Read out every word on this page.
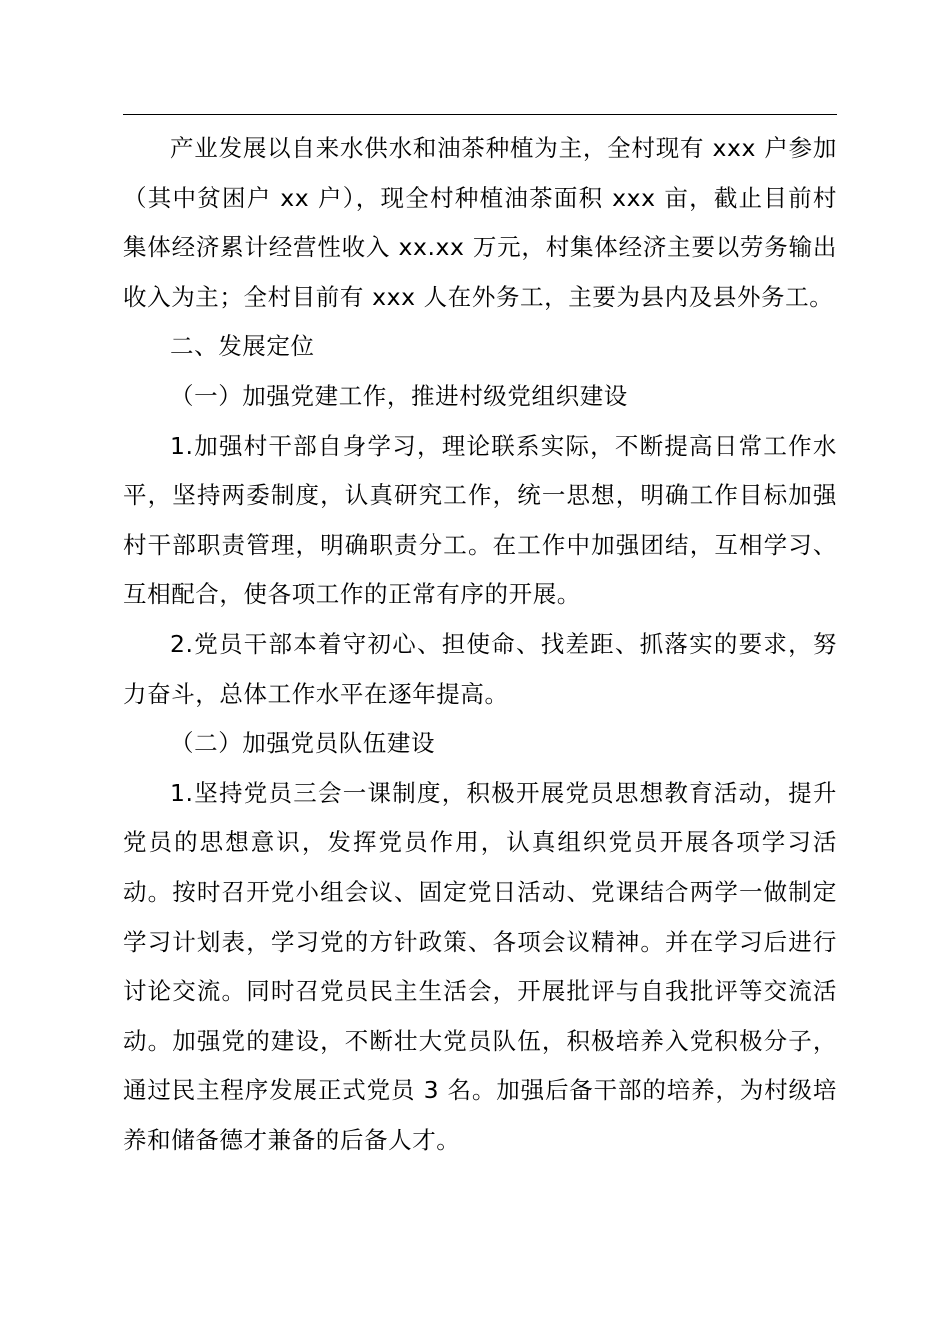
产业发展以自来水供水和油茶种植为主，全村现有 xxx 户参加（其中贫困户 xx 户），现全村种植油茶面积 xxx 亩，截止目前村集体经济累计经营性收入 xx.xx 万元，村集体经济主要以劳务输出收入为主；全村目前有 xxx 人在外务工，主要为县内及县外务工。

二、发展定位

（一）加强党建工作，推进村级党组织建设

1.加强村干部自身学习，理论联系实际，不断提高日常工作水平，坚持两委制度，认真研究工作，统一思想，明确工作目标加强村干部职责管理，明确职责分工。在工作中加强团结，互相学习、互相配合，使各项工作的正常有序的开展。

2.党员干部本着守初心、担使命、找差距、抓落实的要求，努力奋斗，总体工作水平在逐年提高。

（二）加强党员队伍建设

1.坚持党员三会一课制度，积极开展党员思想教育活动，提升党员的思想意识，发挥党员作用，认真组织党员开展各项学习活动。按时召开党小组会议、固定党日活动、党课结合两学一做制定学习计划表，学习党的方针政策、各项会议精神。并在学习后进行讨论交流。同时召党员民主生活会，开展批评与自我批评等交流活动。加强党的建设，不断壮大党员队伍，积极培养入党积极分子，通过民主程序发展正式党员 3 名。加强后备干部的培养，为村级培养和储备德才兼备的后备人才。
